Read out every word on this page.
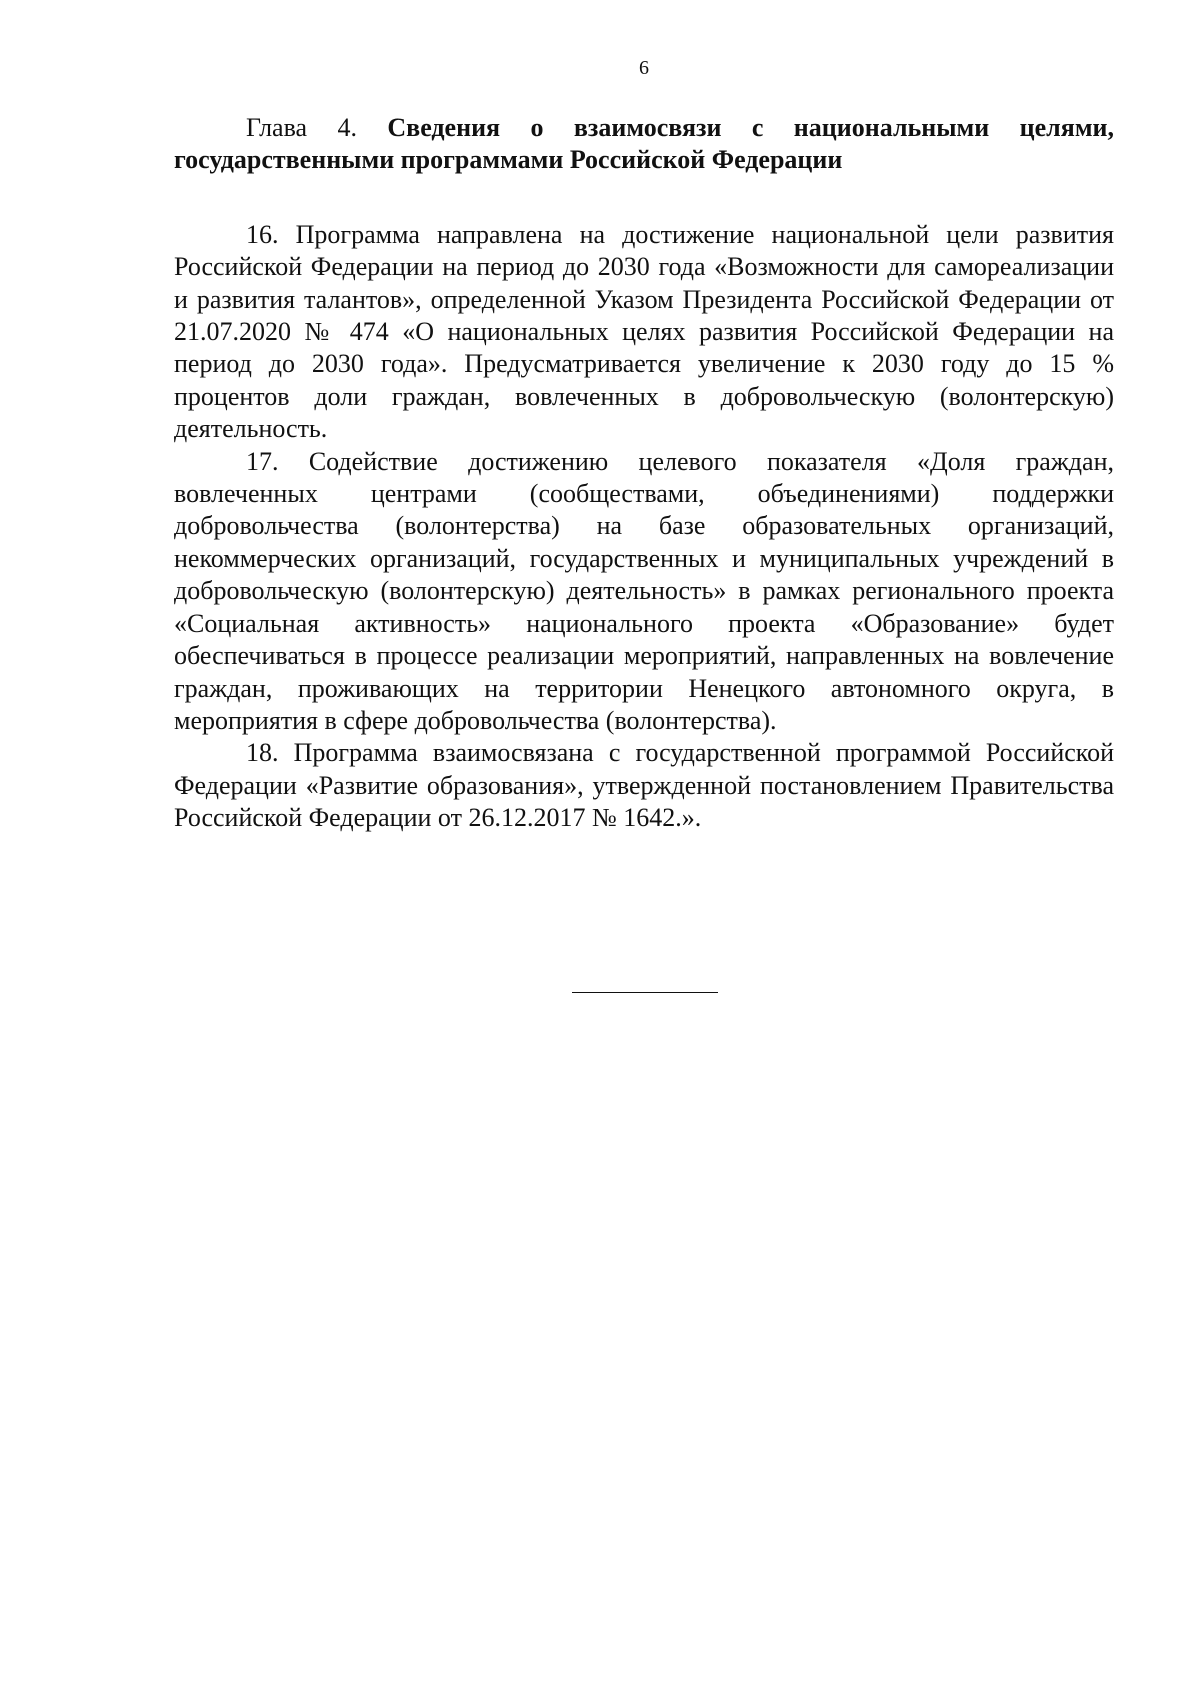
6
Глава 4. Сведения о взаимосвязи с национальными целями, государственными программами Российской Федерации

16. Программа направлена на достижение национальной цели развития Российской Федерации на период до 2030 года «Возможности для самореализации и развития талантов», определенной Указом Президента Российской Федерации от 21.07.2020 № 474 «О национальных целях развития Российской Федерации на период до 2030 года». Предусматривается увеличение к 2030 году до 15 % процентов доли граждан, вовлеченных в добровольческую (волонтерскую) деятельность.

17. Содействие достижению целевого показателя «Доля граждан, вовлеченных центрами (сообществами, объединениями) поддержки добровольчества (волонтерства) на базе образовательных организаций, некоммерческих организаций, государственных и муниципальных учреждений в добровольческую (волонтерскую) деятельность» в рамках регионального проекта «Социальная активность» национального проекта «Образование» будет обеспечиваться в процессе реализации мероприятий, направленных на вовлечение граждан, проживающих на территории Ненецкого автономного округа, в мероприятия в сфере добровольчества (волонтерства).

18. Программа взаимосвязана с государственной программой Российской Федерации «Развитие образования», утвержденной постановлением Правительства Российской Федерации от 26.12.2017 № 1642.».
